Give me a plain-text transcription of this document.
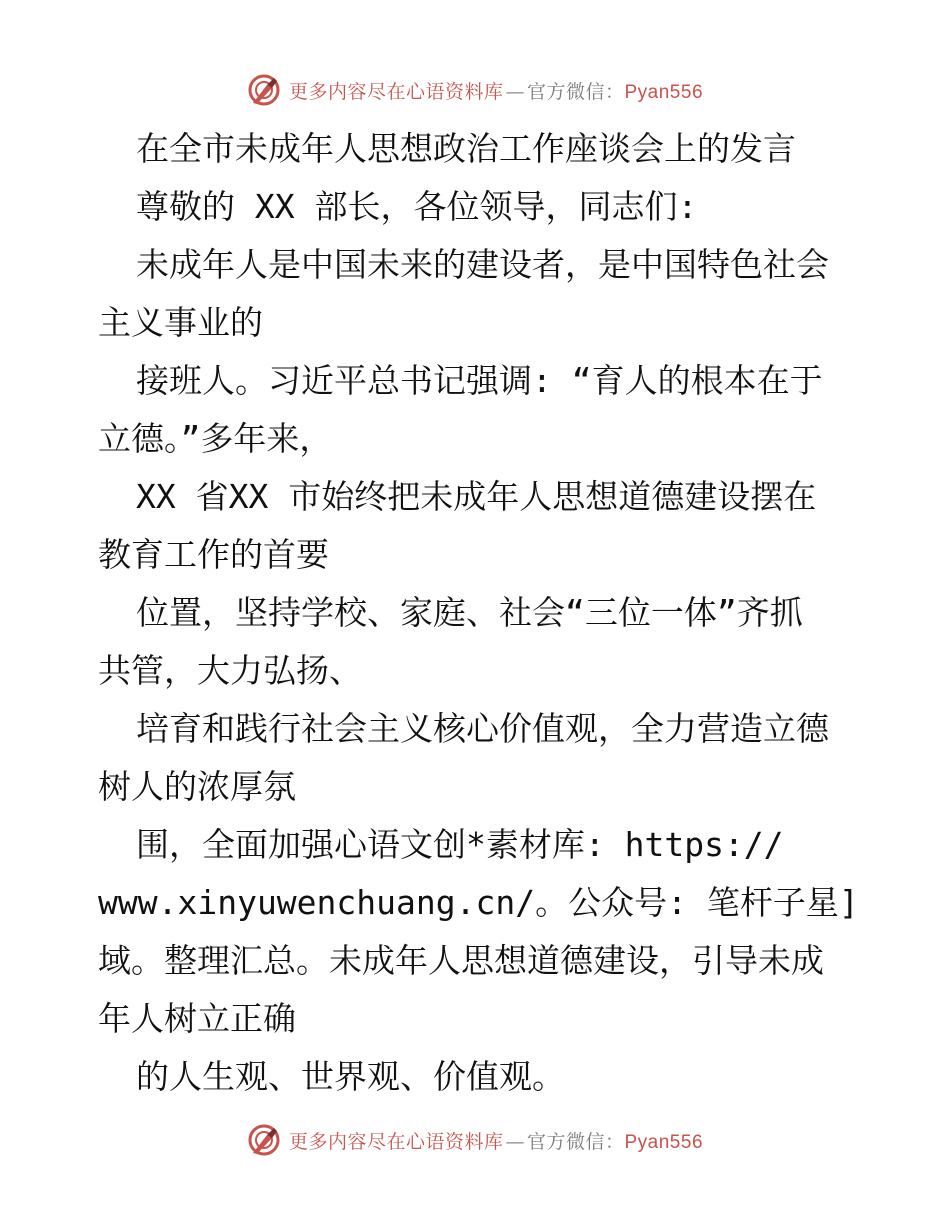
更多内容尽在心语资料库 — 官方微信：Pyan556
在全市未成年人思想政治工作座谈会上的发言
尊敬的 XX 部长，各位领导，同志们:
未成年人是中国未来的建设者，是中国特色社会
主义事业的
接班人。习近平总书记强调: “育人的根本在于
立德。”多年来，
XX 省XX 市始终把未成年人思想道德建设摆在
教育工作的首要
位置，坚持学校、家庭、社会“三位一体”齐抓
共管，大力弘扬、
培育和践行社会主义核心价值观，全力营造立德
树人的浓厚氛
围，全面加强心语文创*素材库: https://
www.xinyuwenchuang.cn/。公众号: 笔杆子星]
域。整理汇总。未成年人思想道德建设，引导未成
年人树立正确
的人生观、世界观、价值观。
更多内容尽在心语资料库 — 官方微信：Pyan556
